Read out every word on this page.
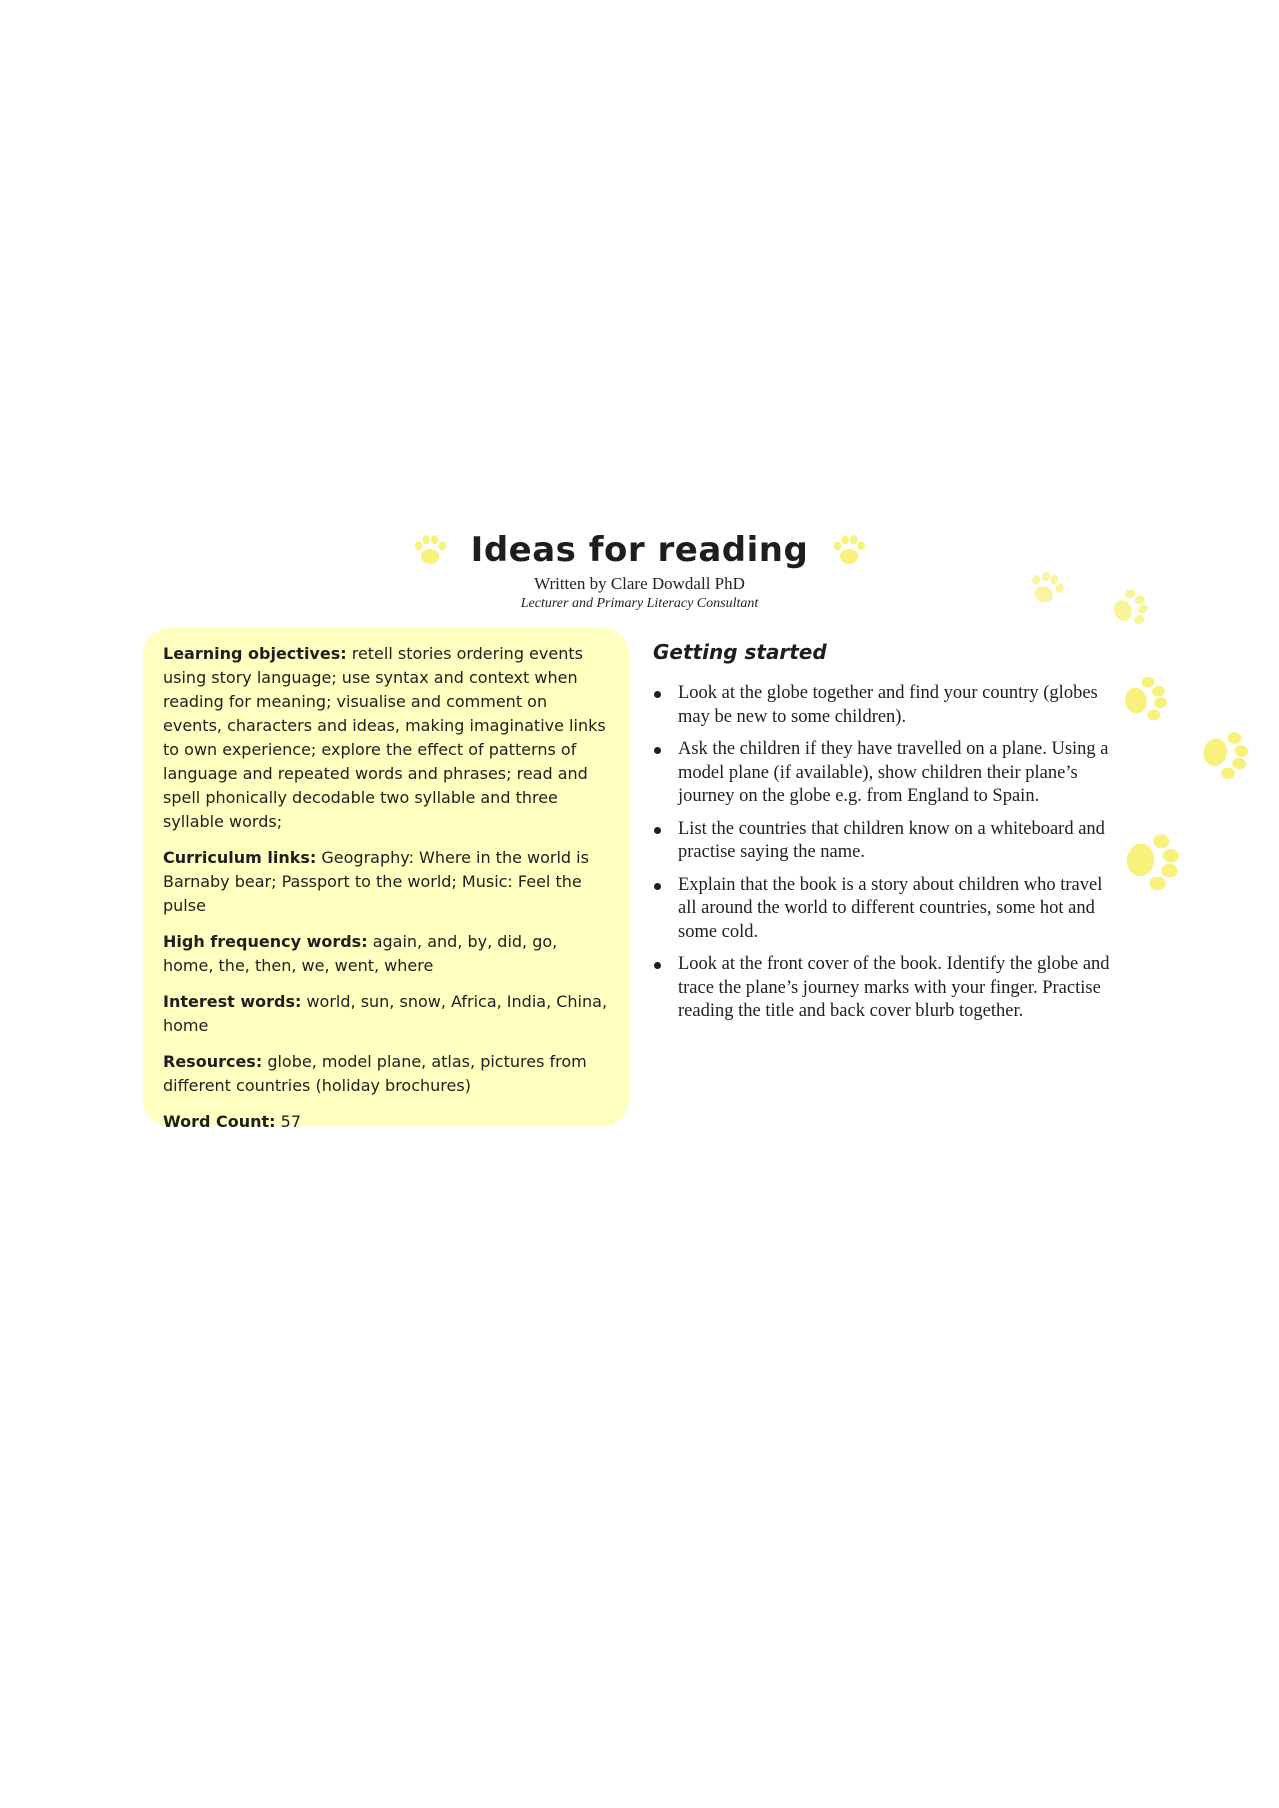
Ideas for reading
Written by Clare Dowdall PhD
Lecturer and Primary Literacy Consultant

Learning objectives: retell stories ordering events using story language; use syntax and context when reading for meaning; visualise and comment on events, characters and ideas, making imaginative links to own experience; explore the effect of patterns of language and repeated words and phrases; read and spell phonically decodable two syllable and three syllable words;

Curriculum links: Geography: Where in the world is Barnaby bear; Passport to the world; Music: Feel the pulse

High frequency words: again, and, by, did, go, home, the, then, we, went, where

Interest words: world, sun, snow, Africa, India, China, home

Resources: globe, model plane, atlas, pictures from different countries (holiday brochures)

Word Count: 57

Getting started
Look at the globe together and find your country (globes may be new to some children).
Ask the children if they have travelled on a plane. Using a model plane (if available), show children their plane’s journey on the globe e.g. from England to Spain.
List the countries that children know on a whiteboard and practise saying the name.
Explain that the book is a story about children who travel all around the world to different countries, some hot and some cold.
Look at the front cover of the book. Identify the globe and trace the plane’s journey marks with your finger. Practise reading the title and back cover blurb together.
